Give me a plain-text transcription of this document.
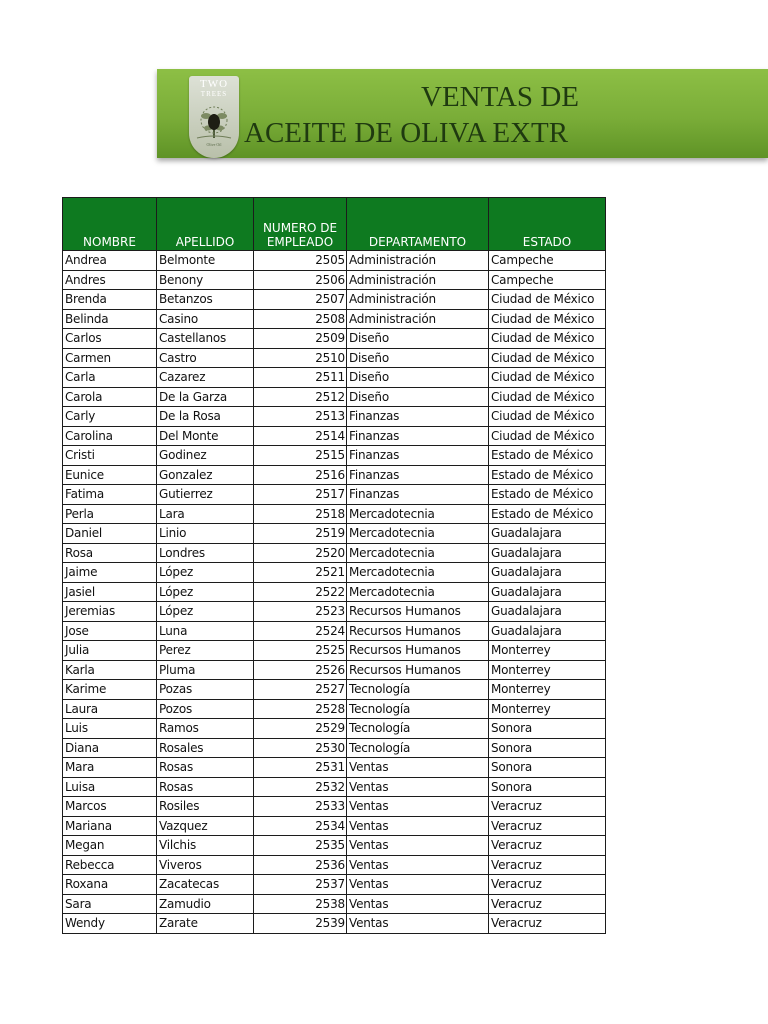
TWO
TREES
Olive Oil
VENTAS DE
ACEITE DE OLIVA EXTR
NOMBRE	APELLIDO	NUMERO DE EMPLEADO	DEPARTAMENTO	ESTADO
Andrea	Belmonte	2505	Administración	Campeche
Andres	Benony	2506	Administración	Campeche
Brenda	Betanzos	2507	Administración	Ciudad de México
Belinda	Casino	2508	Administración	Ciudad de México
Carlos	Castellanos	2509	Diseño	Ciudad de México
Carmen	Castro	2510	Diseño	Ciudad de México
Carla	Cazarez	2511	Diseño	Ciudad de México
Carola	De la Garza	2512	Diseño	Ciudad de México
Carly	De la Rosa	2513	Finanzas	Ciudad de México
Carolina	Del Monte	2514	Finanzas	Ciudad de México
Cristi	Godinez	2515	Finanzas	Estado de México
Eunice	Gonzalez	2516	Finanzas	Estado de México
Fatima	Gutierrez	2517	Finanzas	Estado de México
Perla	Lara	2518	Mercadotecnia	Estado de México
Daniel	Linio	2519	Mercadotecnia	Guadalajara
Rosa	Londres	2520	Mercadotecnia	Guadalajara
Jaime	López	2521	Mercadotecnia	Guadalajara
Jasiel	López	2522	Mercadotecnia	Guadalajara
Jeremias	López	2523	Recursos Humanos	Guadalajara
Jose	Luna	2524	Recursos Humanos	Guadalajara
Julia	Perez	2525	Recursos Humanos	Monterrey
Karla	Pluma	2526	Recursos Humanos	Monterrey
Karime	Pozas	2527	Tecnología	Monterrey
Laura	Pozos	2528	Tecnología	Monterrey
Luis	Ramos	2529	Tecnología	Sonora
Diana	Rosales	2530	Tecnología	Sonora
Mara	Rosas	2531	Ventas	Sonora
Luisa	Rosas	2532	Ventas	Sonora
Marcos	Rosiles	2533	Ventas	Veracruz
Mariana	Vazquez	2534	Ventas	Veracruz
Megan	Vilchis	2535	Ventas	Veracruz
Rebecca	Viveros	2536	Ventas	Veracruz
Roxana	Zacatecas	2537	Ventas	Veracruz
Sara	Zamudio	2538	Ventas	Veracruz
Wendy	Zarate	2539	Ventas	Veracruz
